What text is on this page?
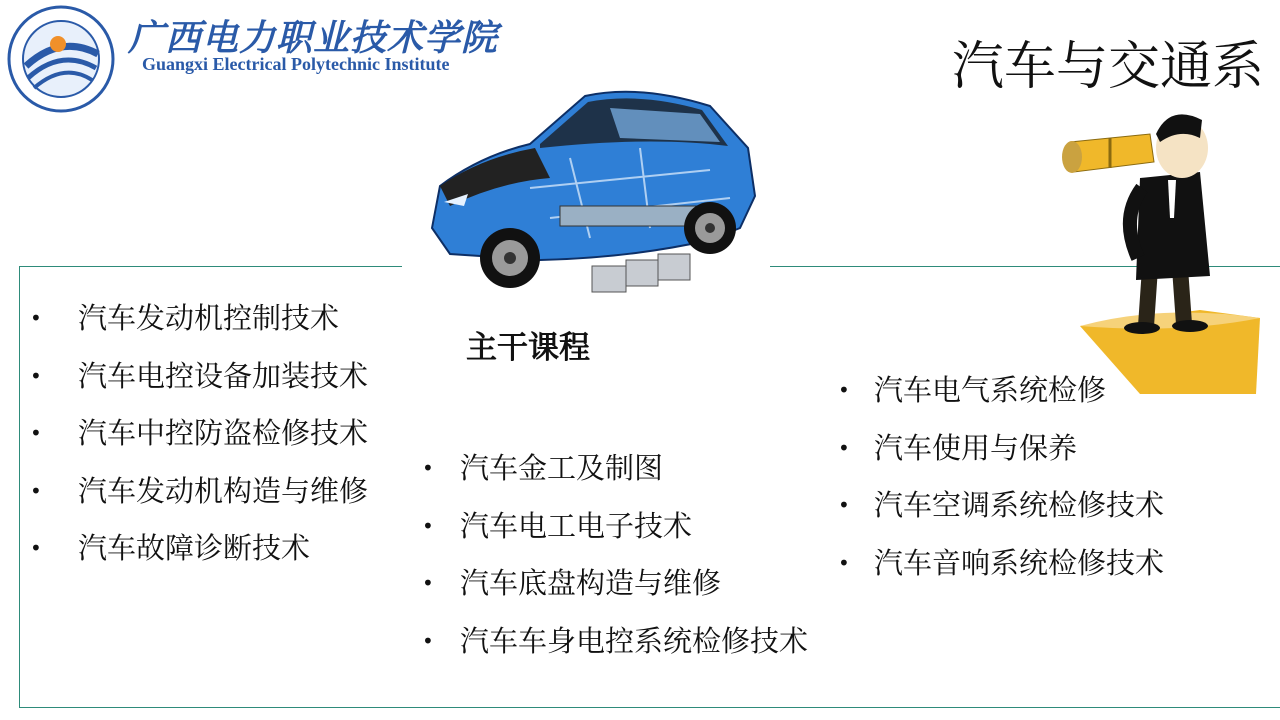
广西电力职业技术学院
Guangxi Electrical Polytechnic Institute	汽车与交通系
主干课程
• 汽车发动机控制技术
• 汽车电控设备加装技术
• 汽车中控防盗检修技术
• 汽车发动机构造与维修
• 汽车故障诊断技术
• 汽车金工及制图
• 汽车电工电子技术
• 汽车底盘构造与维修
• 汽车车身电控系统检修技术
• 汽车电气系统检修
• 汽车使用与保养
• 汽车空调系统检修技术
• 汽车音响系统检修技术
